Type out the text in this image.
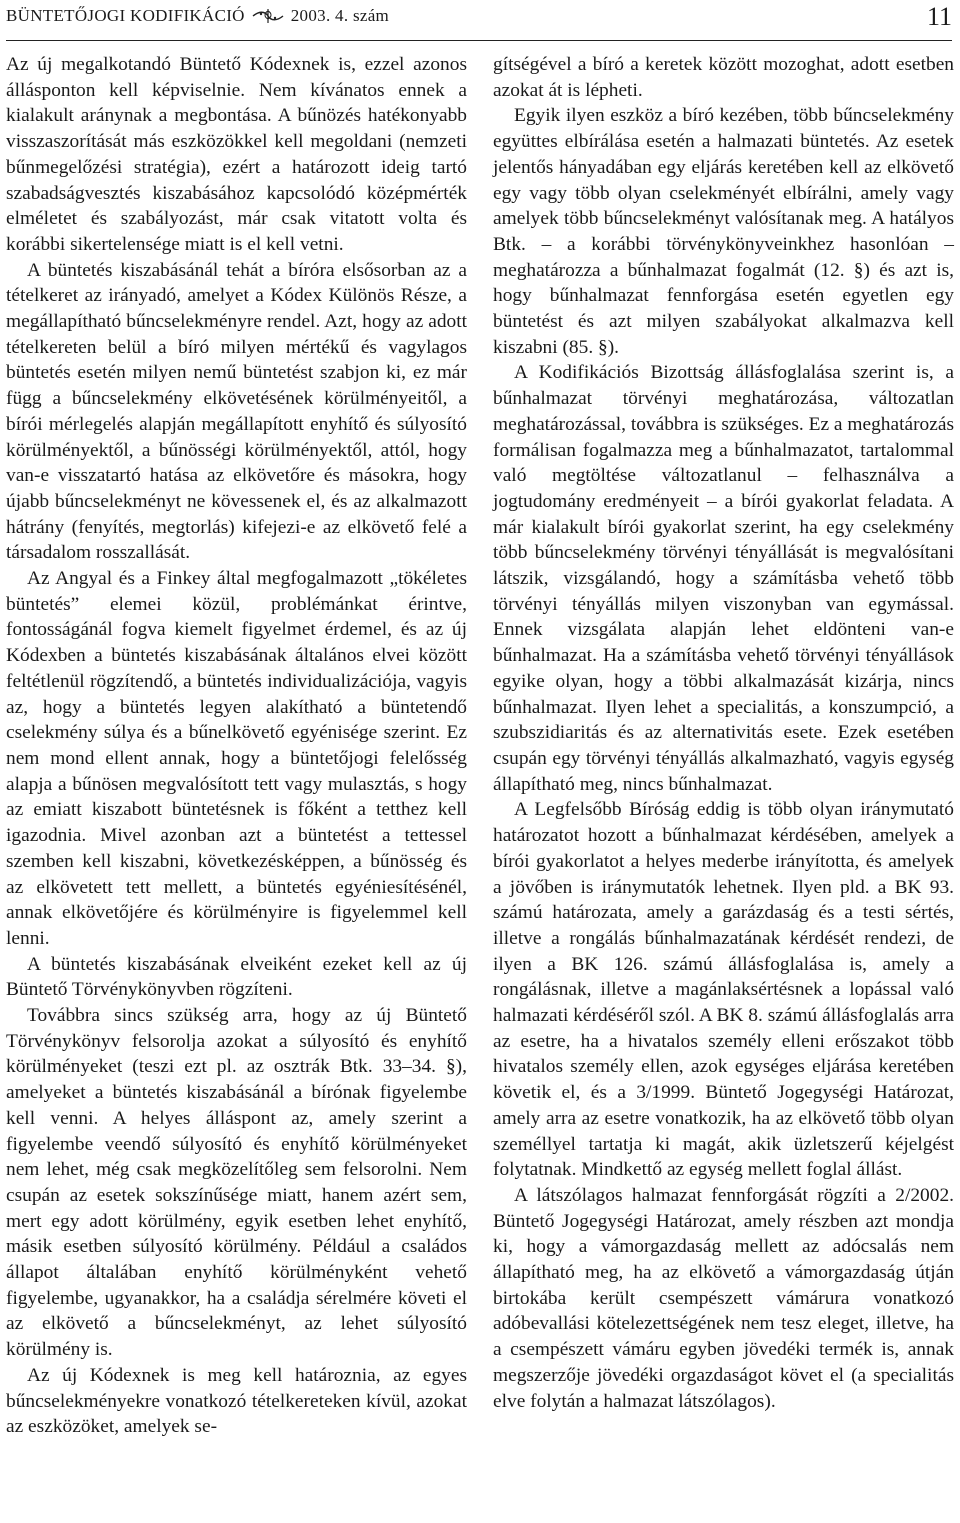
BÜNTETŐJOGI KODIFIKÁCIÓ	2003. 4. szám	11

Az új megalkotandó Büntető Kódexnek is, ezzel azonos állásponton kell képviselnie. Nem kívánatos ennek a kialakult aránynak a megbontása. A bűnözés hatékonyabb visszaszorítását más eszközökkel kell megoldani (nemzeti bűnmegelőzési stratégia), ezért a határozott ideig tartó szabadságvesztés kiszabásához kapcsolódó középmérték elméletet és szabályozást, már csak vitatott volta és korábbi sikertelensége miatt is el kell vetni.

A büntetés kiszabásánál tehát a bíróra elsősorban az a tételkeret az irányadó, amelyet a Kódex Különös Része, a megállapítható bűncselekményre rendel. Azt, hogy az adott tételkereten belül a bíró milyen mértékű és vagylagos büntetés esetén milyen nemű büntetést szabjon ki, ez már függ a bűncselekmény elkövetésének körülményeitől, a bírói mérlegelés alapján megállapított enyhítő és súlyosító körülményektől, a bűnösségi körülményektől, attól, hogy van-e visszatartó hatása az elkövetőre és másokra, hogy újabb bűncselekményt ne kövessenek el, és az alkalmazott hátrány (fenyítés, megtorlás) kifejezi-e az elkövető felé a társadalom rosszallását.

Az Angyal és a Finkey által megfogalmazott „tökéletes büntetés” elemei közül, problémánkat érintve, fontosságánál fogva kiemelt figyelmet érdemel, és az új Kódexben a büntetés kiszabásának általános elvei között feltétlenül rögzítendő, a büntetés individualizációja, vagyis az, hogy a büntetés legyen alakítható a büntetendő cselekmény súlya és a bűnelkövető egyénisége szerint. Ez nem mond ellent annak, hogy a büntetőjogi felelősség alapja a bűnösen megvalósított tett vagy mulasztás, s hogy az emiatt kiszabott büntetésnek is főként a tetthez kell igazodnia. Mivel azonban azt a büntetést a tettessel szemben kell kiszabni, következésképpen, a bűnösség és az elkövetett tett mellett, a büntetés egyéniesítésénél, annak elkövetőjére és körülményire is figyelemmel kell lenni.

A büntetés kiszabásának elveiként ezeket kell az új Büntető Törvénykönyvben rögzíteni.

Továbbra sincs szükség arra, hogy az új Büntető Törvénykönyv felsorolja azokat a súlyosító és enyhítő körülményeket (teszi ezt pl. az osztrák Btk. 33–34. §), amelyeket a büntetés kiszabásánál a bírónak figyelembe kell venni. A helyes álláspont az, amely szerint a figyelembe veendő súlyosító és enyhítő körülményeket nem lehet, még csak megközelítőleg sem felsorolni. Nem csupán az esetek sokszínűsége miatt, hanem azért sem, mert egy adott körülmény, egyik esetben lehet enyhítő, másik esetben súlyosító körülmény. Például a családos állapot általában enyhítő körülményként vehető figyelembe, ugyanakkor, ha a családja sérelmére követi el az elkövető a bűncselekményt, az lehet súlyosító körülmény is.

Az új Kódexnek is meg kell határoznia, az egyes bűncselekményekre vonatkozó tételkereteken kívül, azokat az eszközöket, amelyek se-

gítségével a bíró a keretek között mozoghat, adott esetben azokat át is lépheti.

Egyik ilyen eszköz a bíró kezében, több bűncselekmény együttes elbírálása esetén a halmazati büntetés. Az esetek jelentős hányadában egy eljárás keretében kell az elkövető egy vagy több olyan cselekményét elbírálni, amely vagy amelyek több bűncselekményt valósítanak meg. A hatályos Btk. – a korábbi törvénykönyveinkhez hasonlóan – meghatározza a bűnhalmazat fogalmát (12. §) és azt is, hogy bűnhalmazat fennforgása esetén egyetlen egy büntetést és azt milyen szabályokat alkalmazva kell kiszabni (85. §).

A Kodifikációs Bizottság állásfoglalása szerint is, a bűnhalmazat törvényi meghatározása, változatlan meghatározással, továbbra is szükséges. Ez a meghatározás formálisan fogalmazza meg a bűnhalmazatot, tartalommal való megtöltése változatlanul – felhasználva a jogtudomány eredményeit – a bírói gyakorlat feladata. A már kialakult bírói gyakorlat szerint, ha egy cselekmény több bűncselekmény törvényi tényállását is megvalósítani látszik, vizsgálandó, hogy a számításba vehető több törvényi tényállás milyen viszonyban van egymással. Ennek vizsgálata alapján lehet eldönteni van-e bűnhalmazat. Ha a számításba vehető törvényi tényállások egyike olyan, hogy a többi alkalmazását kizárja, nincs bűnhalmazat. Ilyen lehet a specialitás, a konszumpció, a szubszidiaritás és az alternativitás esete. Ezek esetében csupán egy törvényi tényállás alkalmazható, vagyis egység állapítható meg, nincs bűnhalmazat.

A Legfelsőbb Bíróság eddig is több olyan iránymutató határozatot hozott a bűnhalmazat kérdésében, amelyek a bírói gyakorlatot a helyes mederbe irányította, és amelyek a jövőben is iránymutatók lehetnek. Ilyen pld. a BK 93. számú határozata, amely a garázdaság és a testi sértés, illetve a rongálás bűnhalmazatának kérdését rendezi, de ilyen a BK 126. számú állásfoglalása is, amely a rongálásnak, illetve a magánlaksértésnek a lopással való halmazati kérdéséről szól. A BK 8. számú állásfoglalás arra az esetre, ha a hivatalos személy elleni erőszakot több hivatalos személy ellen, azok egységes eljárása keretében követik el, és a 3/1999. Büntető Jogegységi Határozat, amely arra az esetre vonatkozik, ha az elkövető több olyan személlyel tartatja ki magát, akik üzletszerű kéjelgést folytatnak. Mindkettő az egység mellett foglal állást.

A látszólagos halmazat fennforgását rögzíti a 2/2002. Büntető Jogegységi Határozat, amely részben azt mondja ki, hogy a vámorgazdaság mellett az adócsalás nem állapítható meg, ha az elkövető a vámorgazdaság útján birtokába került csempészett vámárura vonatkozó adóbevallási kötelezettségének nem tesz eleget, illetve, ha a csempészett vámáru egyben jövedéki termék is, annak megszerzője jövedéki orgazdaságot követ el (a specialitás elve folytán a halmazat látszólagos).
